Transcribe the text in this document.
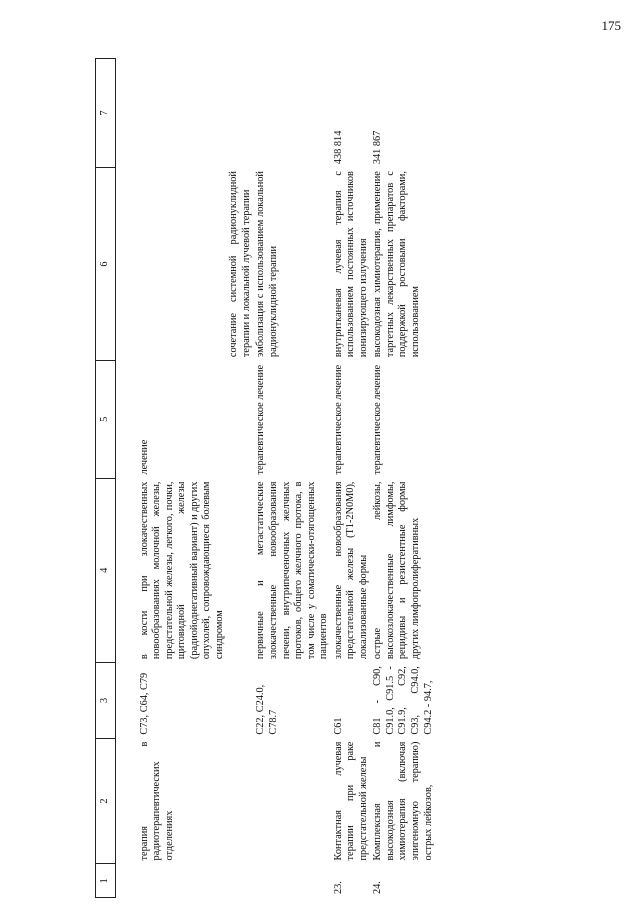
175
1	2	3	4	5	6	7

	терапия в радиотерапевтических отделениях	C73, C64, C79	в кости при злокачественных новообразованиях молочной железы, предстательной железы, легкого, почки, щитовидной железы (радиойоднегативный вариант) и других опухолей, сопровождающиеся болевым синдромом	лечение		
					сочетание системной радионуклидной терапии и локальной лучевой терапии	
		C22, C24.0, C78.7	первичные и метастатические злокачественные новообразования печени, внутрипеченочных желчных протоков, общего желчного протока, в том числе у соматически-отягощенных пациентов	терапевтическое лечение	эмболизация с использованием локальной радионуклидной терапии	
23.	Контактная лучевая терапии при раке предстательной железы	C61	злокачественные новообразования предстательной железы (T1-2N0M0), локализованные формы	терапевтическое лечение	внутритканевая лучевая терапия с использованием постоянных источников ионизирующего излучения	438 814
24.	Комплексная и высокодозная химиотерапия (включая эпигеномную терапию) острых лейкозов,	C81 - C90, C91.0, C91.5 - C91.9, C92, C93, C94.0, C94.2 - 94.7,	острые лейкозы, высокозлокачественные лимфомы, рецидивы и резистентные формы других лимфопролиферативных	терапевтическое лечение	высокодозная химиотерапия, применение таргетных лекарственных препаратов с поддержкой ростовыми факторами, использованием	341 867
